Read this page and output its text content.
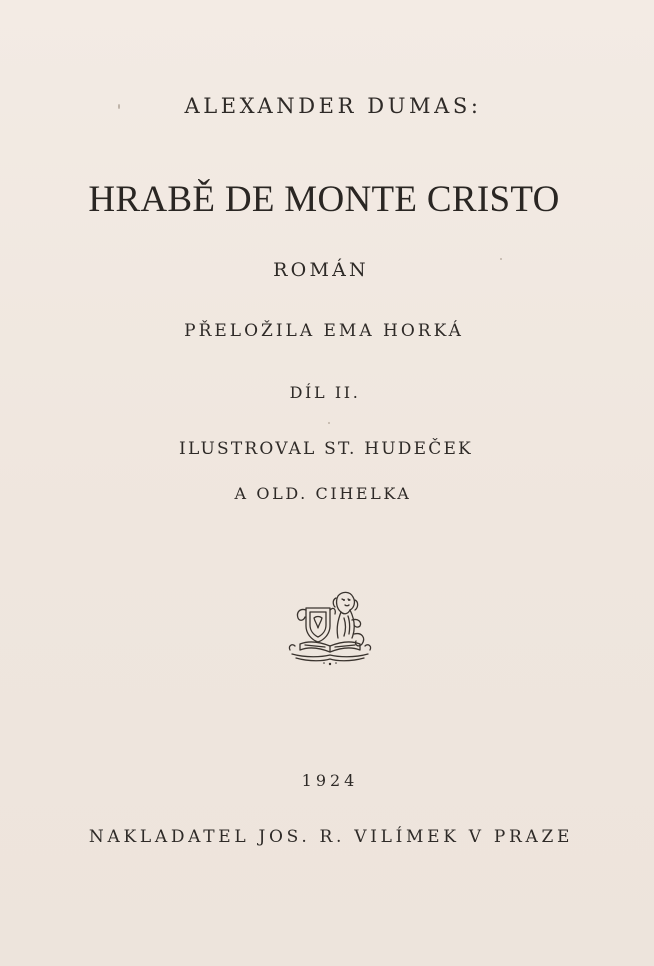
ALEXANDER DUMAS:

HRABĚ DE MONTE CRISTO

ROMÁN

PŘELOŽILA EMA HORKÁ

DÍL II.

ILUSTROVAL ST. HUDEČEK

A OLD. CIHELKA

1924

NAKLADATEL JOS. R. VILÍMEK V PRAZE
